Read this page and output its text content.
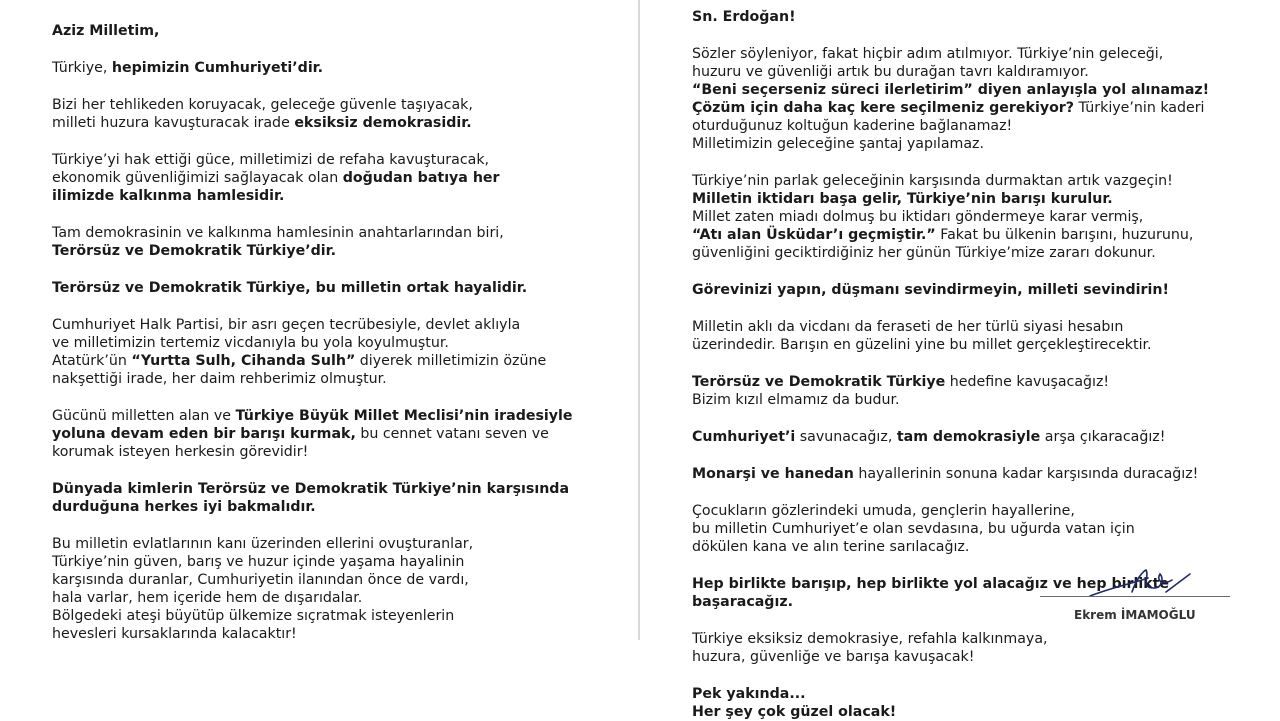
Aziz Milletim,

Türkiye, hepimizin Cumhuriyeti’dir.

Bizi her tehlikeden koruyacak, geleceğe güvenle taşıyacak,
milleti huzura kavuşturacak irade eksiksiz demokrasidir.

Türkiye’yi hak ettiği güce, milletimizi de refaha kavuşturacak,
ekonomik güvenliğimizi sağlayacak olan doğudan batıya her
ilimizde kalkınma hamlesidir.

Tam demokrasinin ve kalkınma hamlesinin anahtarlarından biri,
Terörsüz ve Demokratik Türkiye’dir.

Terörsüz ve Demokratik Türkiye, bu milletin ortak hayalidir.

Cumhuriyet Halk Partisi, bir asrı geçen tecrübesiyle, devlet aklıyla
ve milletimizin tertemiz vicdanıyla bu yola koyulmuştur.
Atatürk’ün “Yurtta Sulh, Cihanda Sulh” diyerek milletimizin özüne
nakşettiği irade, her daim rehberimiz olmuştur.

Gücünü milletten alan ve Türkiye Büyük Millet Meclisi’nin iradesiyle
yoluna devam eden bir barışı kurmak, bu cennet vatanı seven ve
korumak isteyen herkesin görevidir!

Dünyada kimlerin Terörsüz ve Demokratik Türkiye’nin karşısında
durduğuna herkes iyi bakmalıdır.

Bu milletin evlatlarının kanı üzerinden ellerini ovuşturanlar,
Türkiye’nin güven, barış ve huzur içinde yaşama hayalinin
karşısında duranlar, Cumhuriyetin ilanından önce de vardı,
hala varlar, hem içeride hem de dışarıdalar.
Bölgedeki ateşi büyütüp ülkemize sıçratmak isteyenlerin
hevesleri kursaklarında kalacaktır!

Sn. Erdoğan!

Sözler söyleniyor, fakat hiçbir adım atılmıyor. Türkiye’nin geleceği,
huzuru ve güvenliği artık bu durağan tavrı kaldıramıyor.
“Beni seçerseniz süreci ilerletirim” diyen anlayışla yol alınamaz!
Çözüm için daha kaç kere seçilmeniz gerekiyor? Türkiye’nin kaderi
oturduğunuz koltuğun kaderine bağlanamaz!
Milletimizin geleceğine şantaj yapılamaz.

Türkiye’nin parlak geleceğinin karşısında durmaktan artık vazgeçin!
Milletin iktidarı başa gelir, Türkiye’nin barışı kurulur.
Millet zaten miadı dolmuş bu iktidarı göndermeye karar vermiş,
“Atı alan Üsküdar’ı geçmiştir.” Fakat bu ülkenin barışını, huzurunu,
güvenliğini geciktirdiğiniz her günün Türkiye’mize zararı dokunur.

Görevinizi yapın, düşmanı sevindirmeyin, milleti sevindirin!

Milletin aklı da vicdanı da feraseti de her türlü siyasi hesabın
üzerindedir. Barışın en güzelini yine bu millet gerçekleştirecektir.

Terörsüz ve Demokratik Türkiye hedefine kavuşacağız!
Bizim kızıl elmamız da budur.

Cumhuriyet’i savunacağız, tam demokrasiyle arşa çıkaracağız!

Monarşi ve hanedan hayallerinin sonuna kadar karşısında duracağız!

Çocukların gözlerindeki umuda, gençlerin hayallerine,
bu milletin Cumhuriyet’e olan sevdasına, bu uğurda vatan için
dökülen kana ve alın terine sarılacağız.

Hep birlikte barışıp, hep birlikte yol alacağız ve hep birlikte
başaracağız.

Türkiye eksiksiz demokrasiye, refahla kalkınmaya,
huzura, güvenliğe ve barışa kavuşacak!

Pek yakında...
Her şey çok güzel olacak!

Ekrem İMAMOĞLU
